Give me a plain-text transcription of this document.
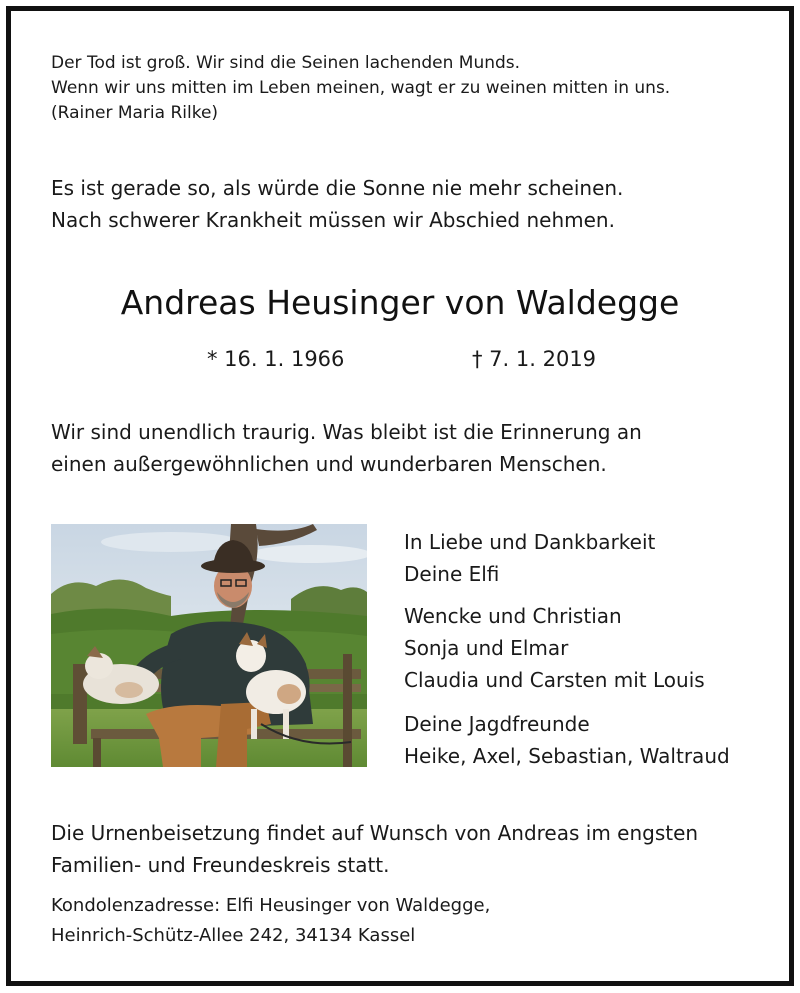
Der Tod ist groß. Wir sind die Seinen lachenden Munds.
Wenn wir uns mitten im Leben meinen, wagt er zu weinen mitten in uns.
(Rainer Maria Rilke)
Es ist gerade so, als würde die Sonne nie mehr scheinen.
Nach schwerer Krankheit müssen wir Abschied nehmen.
Andreas Heusinger von Waldegge
* 16. 1. 1966	† 7. 1. 2019
Wir sind unendlich traurig. Was bleibt ist die Erinnerung an
einen außergewöhnlichen und wunderbaren Menschen.
In Liebe und Dankbarkeit
Deine Elfi
Wencke und Christian
Sonja und Elmar
Claudia und Carsten mit Louis
Deine Jagdfreunde
Heike, Axel, Sebastian, Waltraud
Die Urnenbeisetzung findet auf Wunsch von Andreas im engsten
Familien- und Freundeskreis statt.
Kondolenzadresse: Elfi Heusinger von Waldegge,
Heinrich-Schütz-Allee 242, 34134 Kassel
